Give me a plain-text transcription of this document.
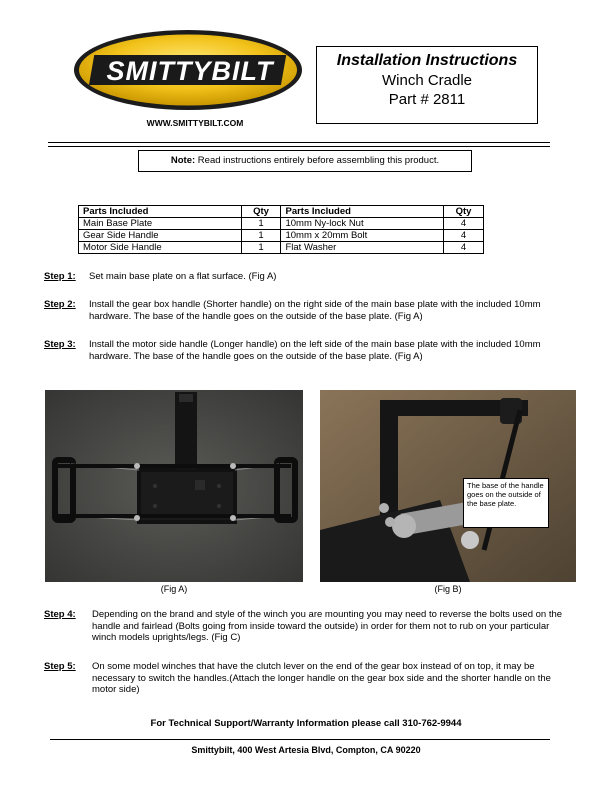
SMITTYBILT
WWW.SMITTYBILT.COM
Installation Instructions
Winch Cradle
Part # 2811
Note: Read instructions entirely before assembling this product.
Parts Included	Qty	Parts Included	Qty
Main Base Plate	1	10mm Ny-lock Nut	4
Gear Side Handle	1	10mm x 20mm Bolt	4
Motor Side Handle	1	Flat Washer	4
Step 1:	Set main base plate on a flat surface. (Fig A)
Step 2:	Install the gear box handle (Shorter handle) on the right side of the main base plate with the included 10mm hardware. The base of the handle goes on the outside of the base plate. (Fig A)
Step 3:	Install the motor side handle (Longer handle) on the left side of the main base plate with the included 10mm hardware. The base of the handle goes on the outside of the base plate. (Fig A)
(Fig A)
The base of the handle goes on the outside of the base plate.
(Fig B)
Step 4:	Depending on the brand and style of the winch you are mounting you may need to reverse the bolts used on the handle and fairlead (Bolts going from inside toward the outside) in order for them not to rub on your particular winch models uprights/legs. (Fig C)
Step 5:	On some model winches that have the clutch lever on the end of the gear box instead of on top, it may be necessary to switch the handles.(Attach the longer handle on the gear box side and the shorter handle on the motor side)
For Technical Support/Warranty Information please call 310-762-9944
Smittybilt, 400 West Artesia Blvd, Compton, CA 90220
